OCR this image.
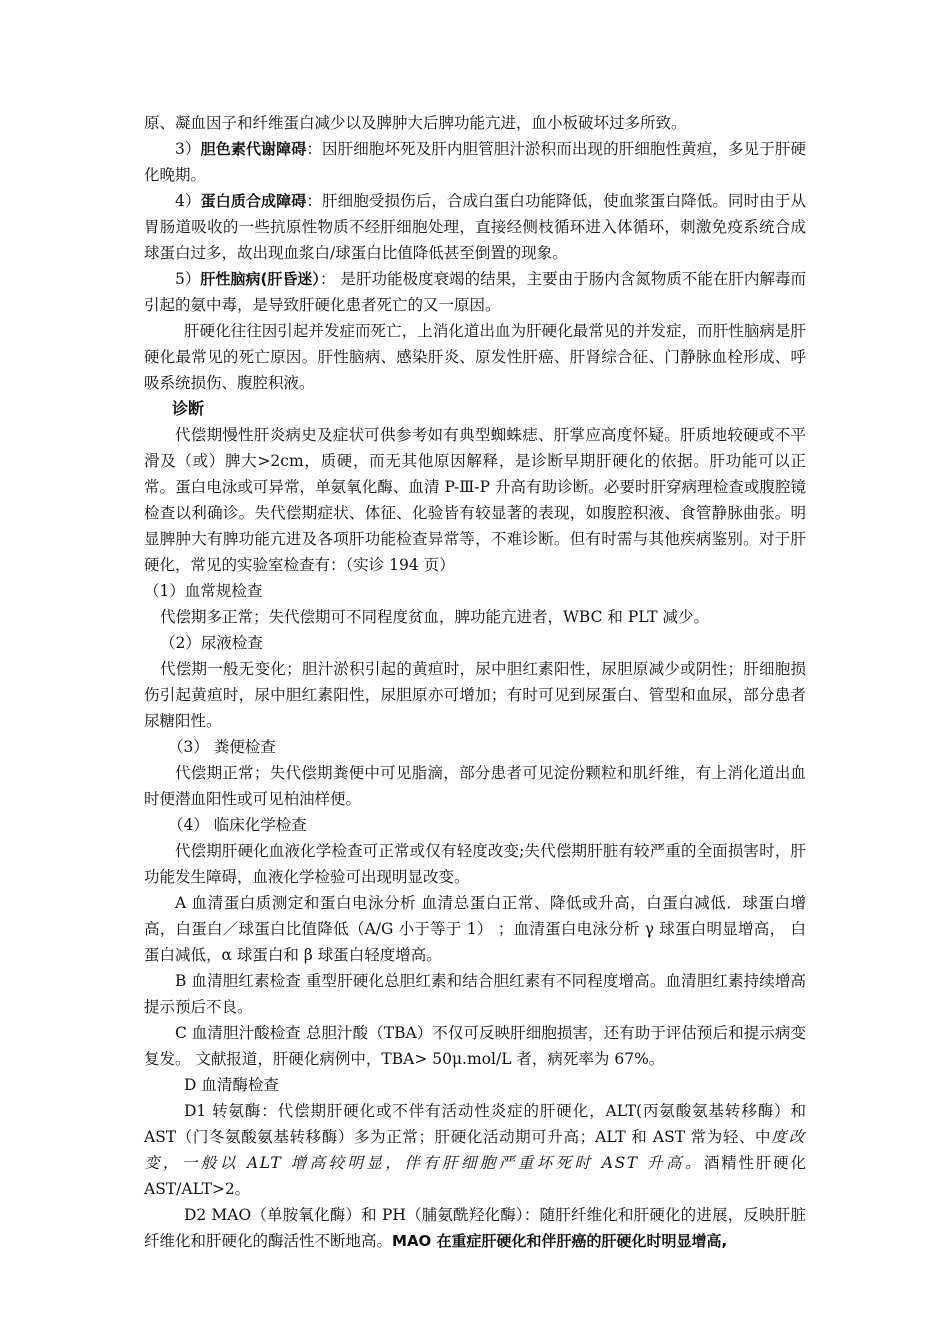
原、凝血因子和纤维蛋白减少以及脾肿大后脾功能亢进，血小板破坏过多所致。

3）胆色素代谢障碍：因肝细胞坏死及肝内胆管胆汁淤积而出现的肝细胞性黄疸，多见于肝硬化晚期。

4）蛋白质合成障碍：肝细胞受损伤后，合成白蛋白功能降低，使血浆蛋白降低。同时由于从胃肠道吸收的一些抗原性物质不经肝细胞处理，直接经侧枝循环进入体循环，刺激免疫系统合成球蛋白过多，故出现血浆白/球蛋白比值降低甚至倒置的现象。

5）肝性脑病(肝昏迷）： 是肝功能极度衰竭的结果，主要由于肠内含氮物质不能在肝内解毒而引起的氨中毒，是导致肝硬化患者死亡的又一原因。

肝硬化往往因引起并发症而死亡，上消化道出血为肝硬化最常见的并发症，而肝性脑病是肝硬化最常见的死亡原因。肝性脑病、感染肝炎、原发性肝癌、肝肾综合征、门静脉血栓形成、呼吸系统损伤、腹腔积液。

诊断

代偿期慢性肝炎病史及症状可供参考如有典型蜘蛛痣、肝掌应高度怀疑。肝质地较硬或不平滑及（或）脾大>2cm，质硬，而无其他原因解释，是诊断早期肝硬化的依据。肝功能可以正常。蛋白电泳或可异常，单氨氧化酶、血清 P-Ⅲ-P 升高有助诊断。必要时肝穿病理检查或腹腔镜检查以利确诊。失代偿期症状、体征、化验皆有较显著的表现，如腹腔积液、食管静脉曲张。明显脾肿大有脾功能亢进及各项肝功能检查异常等，不难诊断。但有时需与其他疾病鉴别。对于肝硬化，常见的实验室检查有：（实诊 194 页）

（1）血常规检查

代偿期多正常；失代偿期可不同程度贫血，脾功能亢进者，WBC 和 PLT 减少。

（2）尿液检查

代偿期一般无变化；胆汁淤积引起的黄疸时，尿中胆红素阳性，尿胆原减少或阴性；肝细胞损伤引起黄疸时，尿中胆红素阳性，尿胆原亦可增加；有时可见到尿蛋白、管型和血尿，部分患者尿糖阳性。

（3） 粪便检查

代偿期正常；失代偿期粪便中可见脂滴，部分患者可见淀份颗粒和肌纤维，有上消化道出血时便潜血阳性或可见柏油样便。

（4） 临床化学检查

代偿期肝硬化血液化学检查可正常或仅有轻度改变;失代偿期肝脏有较严重的全面损害时，肝功能发生障碍，血液化学检验可出现明显改变。

A 血清蛋白质测定和蛋白电泳分析 血清总蛋白正常、降低或升高，白蛋白减低．球蛋白增高，白蛋白／球蛋白比值降低（A/G 小于等于 1） ；血清蛋白电泳分析 γ 球蛋白明显增高， 白蛋白减低，α 球蛋白和 β 球蛋白轻度增高。

B 血清胆红素检查 重型肝硬化总胆红素和结合胆红素有不同程度增高。血清胆红素持续增高提示预后不良。

C 血清胆汁酸检查 总胆汁酸（TBA）不仅可反映肝细胞损害，还有助于评估预后和提示病变复发。 文献报道，肝硬化病例中，TBA> 50μ.mol/L 者，病死率为 67%。

D 血清酶检查

D1 转氨酶：代偿期肝硬化或不伴有活动性炎症的肝硬化，ALT(丙氨酸氨基转移酶）和 AST（门冬氨酸氨基转移酶）多为正常；肝硬化活动期可升高；ALT 和 AST 常为轻、中度改变，一般以 ALT 增高较明显，伴有肝细胞严重坏死时 AST 升高。酒精性肝硬化 AST/ALT>2。

D2 MAO（单胺氧化酶）和 PH（脯氨酰羟化酶）：随肝纤维化和肝硬化的进展，反映肝脏纤维化和肝硬化的酶活性不断地高。MAO 在重症肝硬化和伴肝癌的肝硬化时明显增高,
